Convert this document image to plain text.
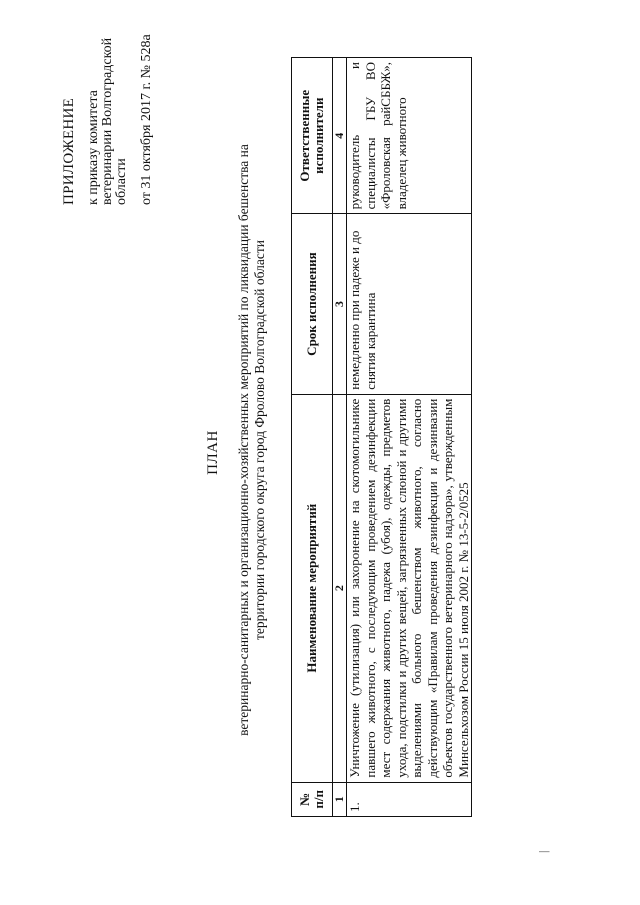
ПРИЛОЖЕНИЕ к приказу комитета ветеринарии Волгоградской области от 31 октября 2017 г. № 528а
ПЛАН ветеринарно-санитарных и организационно-хозяйственных мероприятий по ликвидации бешенства на территории городского округа город Фролово Волгоградской области
№ п/п	Наименование мероприятий	Срок исполнения	Ответственные исполнители
1	2	3	4
1.	Уничтожение (утилизация) или захоронение на скотомогильнике павшего животного, с последующим проведением дезинфекции мест содержания животного, падежа (убоя), одежды, предметов ухода, подстилки и других вещей, загрязненных слюной и другими выделениями больного бешенством животного, согласно действующим «Правилам проведения дезинфекции и дезинвазии объектов государственного ветеринарного надзора», утвержденным Минсельхозом России 15 июля 2002 г. № 13-5-2/0525	немедленно при падеже и до снятия карантина	руководитель и специалисты ГБУ ВО «Фроловская райСББЖ», владелец животного
|
